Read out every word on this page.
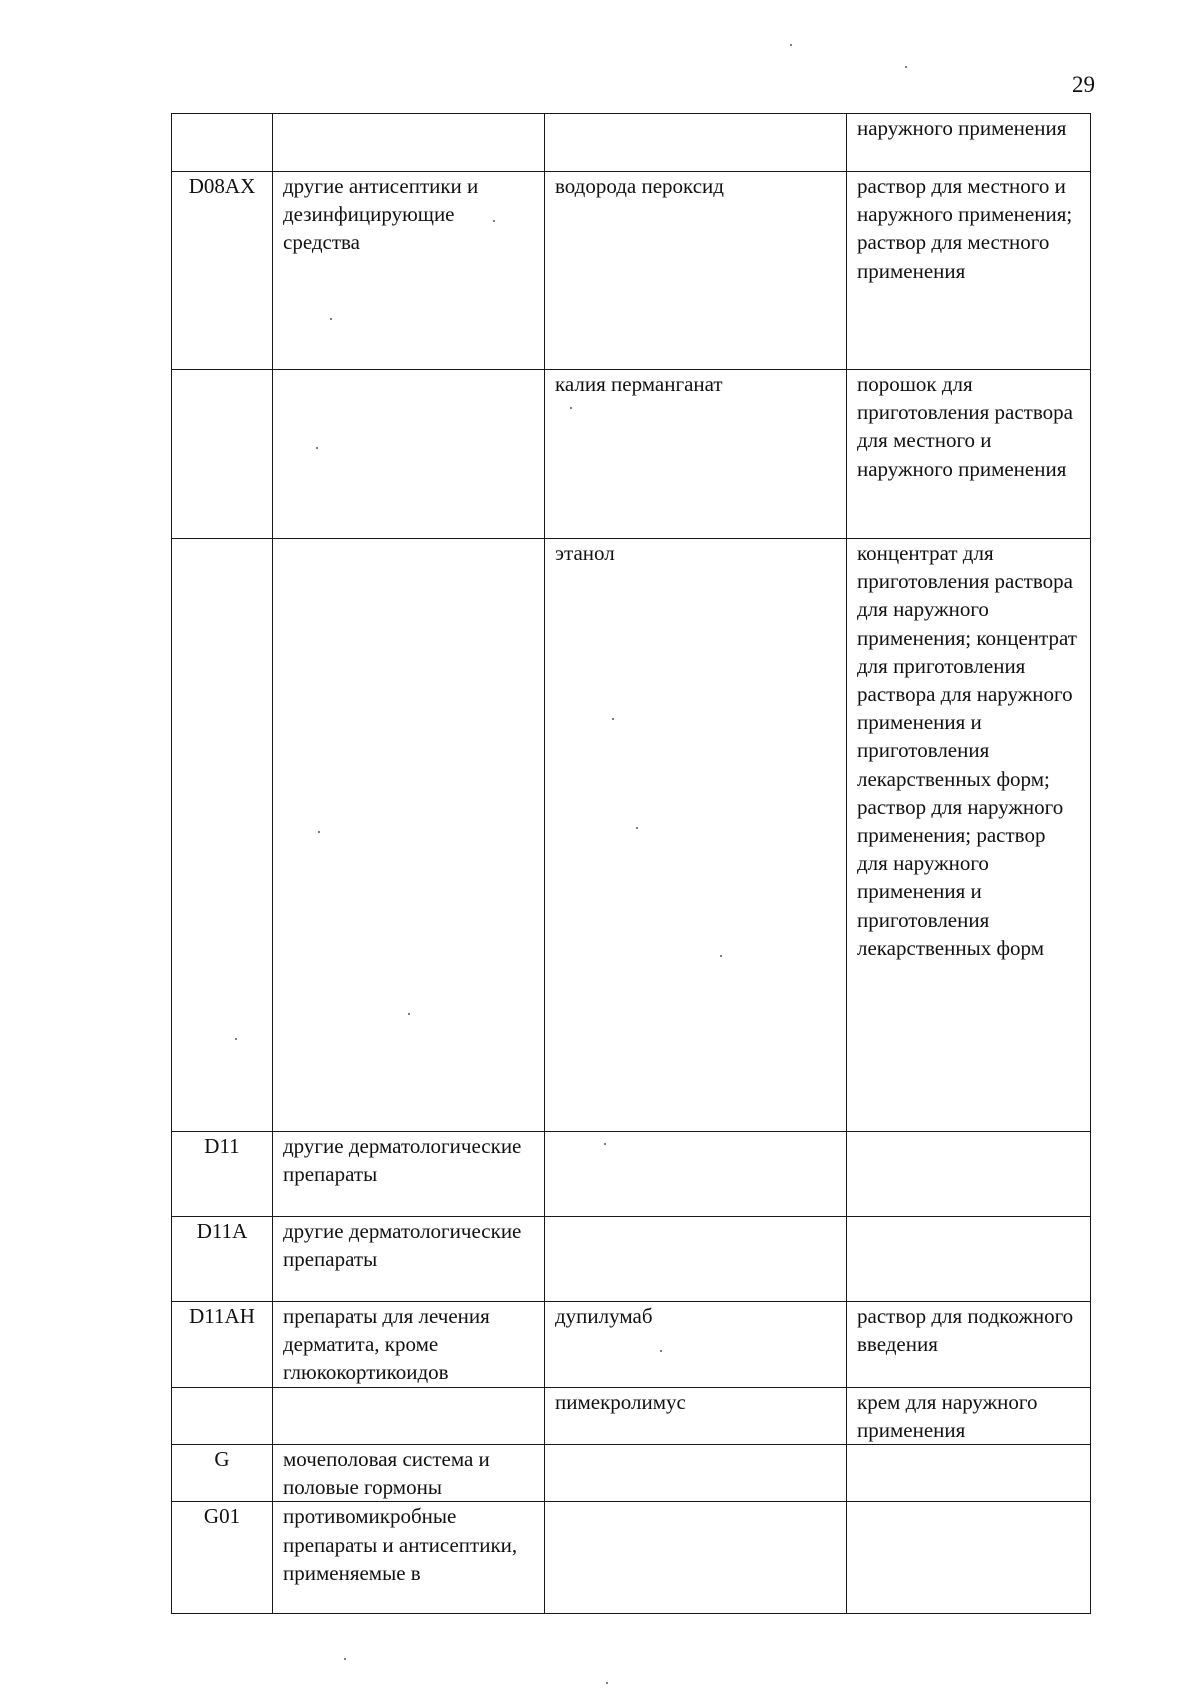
29
			наружного применения
D08AX	другие антисептики и дезинфицирующие средства	водорода пероксид	раствор для местного и наружного применения; раствор для местного применения
		калия перманганат	порошок для приготовления раствора для местного и наружного применения
		этанол	концентрат для приготовления раствора для наружного применения; концентрат для приготовления раствора для наружного применения и приготовления лекарственных форм; раствор для наружного применения; раствор для наружного применения и приготовления лекарственных форм
D11	другие дерматологические препараты		
D11A	другие дерматологические препараты		
D11AH	препараты для лечения дерматита, кроме глюкокортикоидов	дупилумаб	раствор для подкожного введения
		пимекролимус	крем для наружного применения
G	мочеполовая система и половые гормоны		
G01	противомикробные препараты и антисептики, применяемые в		
